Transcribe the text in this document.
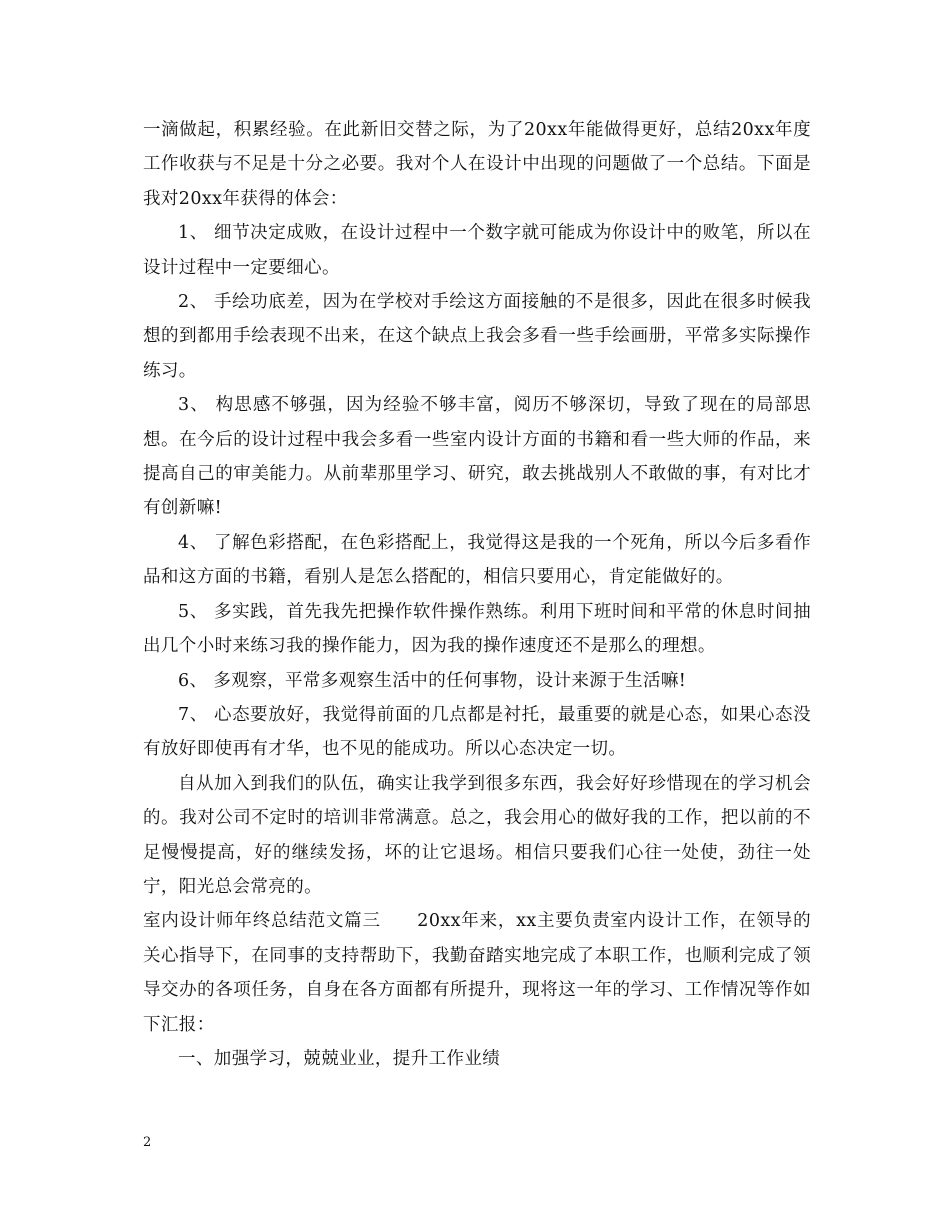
一滴做起，积累经验。在此新旧交替之际，为了20xx年能做得更好，总结20xx年度工作收获与不足是十分之必要。我对个人在设计中出现的问题做了一个总结。下面是我对20xx年获得的体会：

1、 细节决定成败，在设计过程中一个数字就可能成为你设计中的败笔，所以在设计过程中一定要细心。

2、 手绘功底差，因为在学校对手绘这方面接触的不是很多，因此在很多时候我想的到都用手绘表现不出来，在这个缺点上我会多看一些手绘画册，平常多实际操作练习。

3、 构思感不够强，因为经验不够丰富，阅历不够深切，导致了现在的局部思想。在今后的设计过程中我会多看一些室内设计方面的书籍和看一些大师的作品，来提高自己的审美能力。从前辈那里学习、研究，敢去挑战别人不敢做的事，有对比才有创新嘛!

4、 了解色彩搭配，在色彩搭配上，我觉得这是我的一个死角，所以今后多看作品和这方面的书籍，看别人是怎么搭配的，相信只要用心，肯定能做好的。

5、 多实践，首先我先把操作软件操作熟练。利用下班时间和平常的休息时间抽出几个小时来练习我的操作能力，因为我的操作速度还不是那么的理想。

6、 多观察，平常多观察生活中的任何事物，设计来源于生活嘛!

7、 心态要放好，我觉得前面的几点都是衬托，最重要的就是心态，如果心态没有放好即使再有才华，也不见的能成功。所以心态决定一切。

自从加入到我们的队伍，确实让我学到很多东西，我会好好珍惜现在的学习机会的。我对公司不定时的培训非常满意。总之，我会用心的做好我的工作，把以前的不足慢慢提高，好的继续发扬，坏的让它退场。相信只要我们心往一处使，劲往一处宁，阳光总会常亮的。

室内设计师年终总结范文篇三　　20xx年来，xx主要负责室内设计工作，在领导的关心指导下，在同事的支持帮助下，我勤奋踏实地完成了本职工作，也顺利完成了领导交办的各项任务，自身在各方面都有所提升，现将这一年的学习、工作情况等作如下汇报：

一、加强学习，兢兢业业，提升工作业绩

2
